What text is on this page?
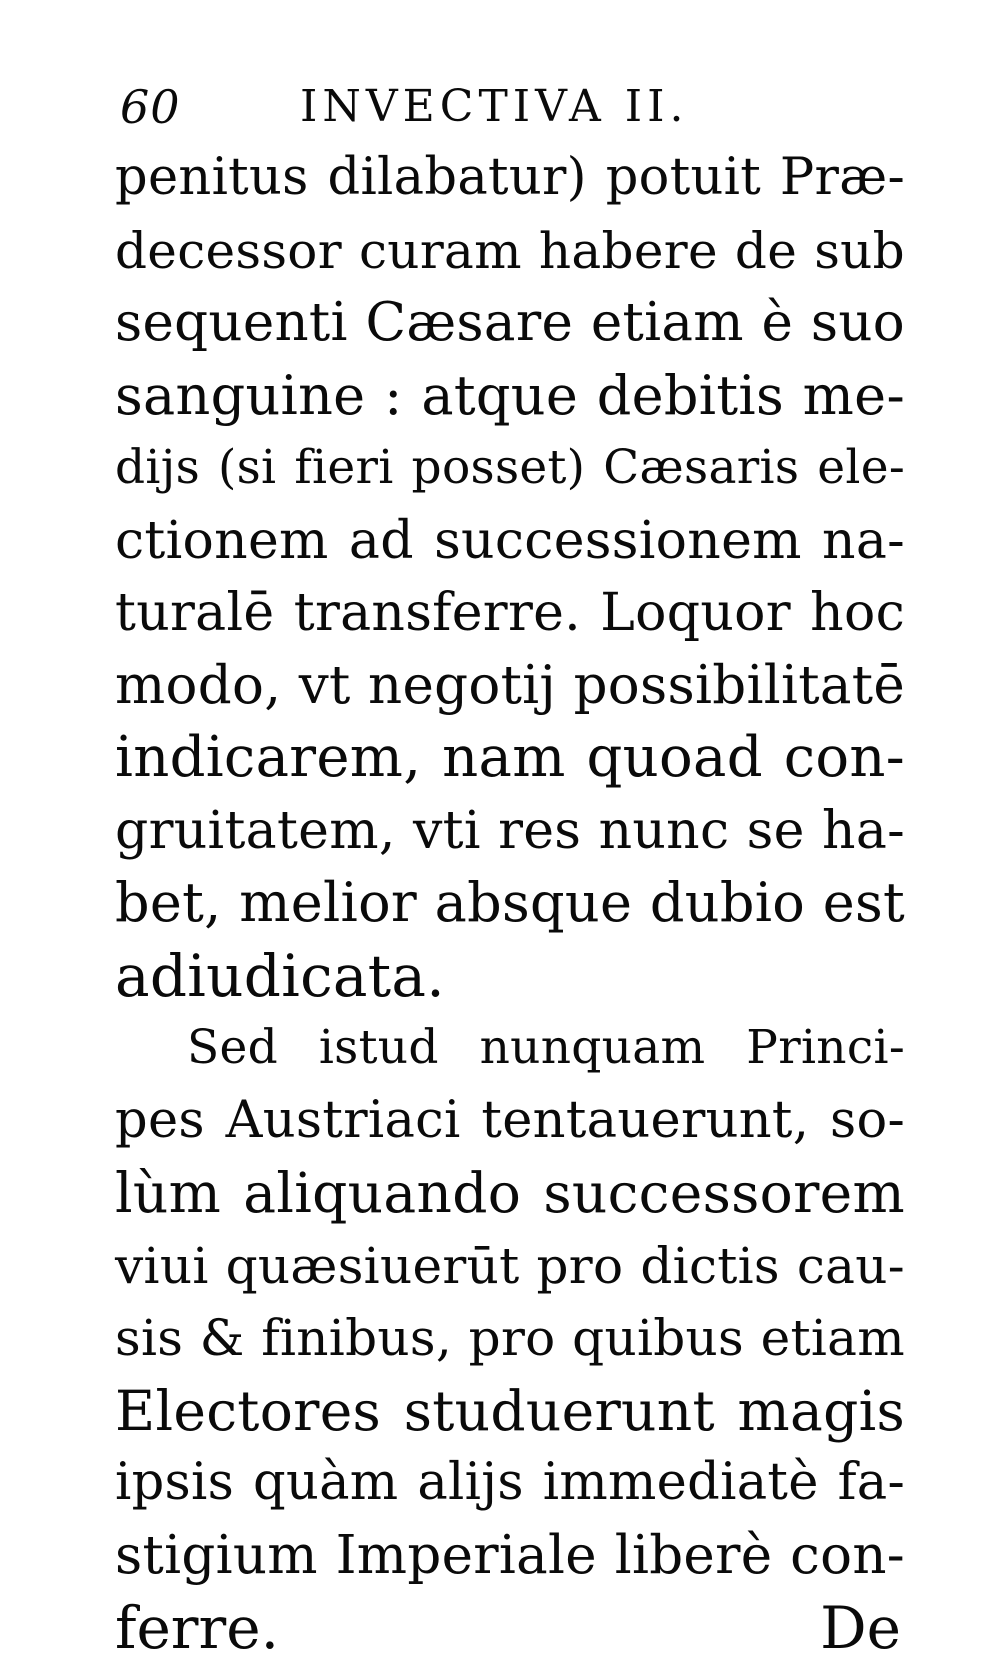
60	INVECTIVA II.
penitus dilabatur) potuit Præ-
decessor curam habere de sub
sequenti Cæsare etiam è suo
sanguine : atque debitis me-
dijs (si fieri posset) Cæsaris ele-
ctionem ad successionem na-
turalē transferre. Loquor hoc
modo, vt negotij possibilitatē
indicarem, nam quoad con-
gruitatem, vti res nunc se ha-
bet, melior absque dubio est
adiudicata.
Sed istud nunquam Princi-
pes Austriaci tentauerunt, so-
lùm aliquando successorem
viui quæsiuerūt pro dictis cau-
sis & finibus, pro quibus etiam
Electores studuerunt magis
ipsis quàm alijs immediatè fa-
stigium Imperiale liberè con-
ferre.	De
